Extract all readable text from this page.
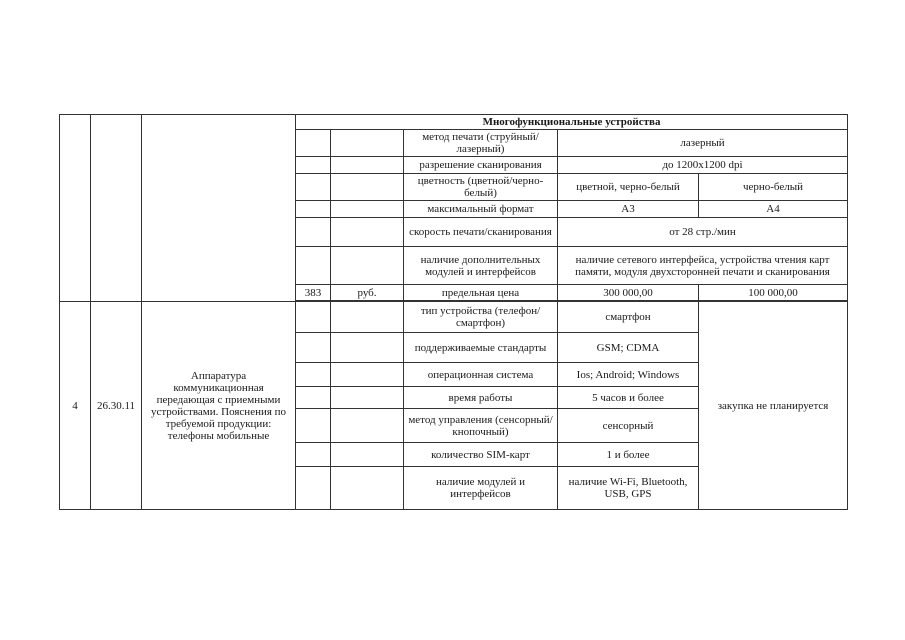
			Многофункциональные устройства				
					метод печати (струйный/лазерный)	лазерный	
					разрешение сканирования	до 1200x1200 dpi	
					цветность (цветной/черно-белый)	цветной, черно-белый	черно-белый
					максимальный формат	А3	А4
					скорость печати/сканирования	от 28 стр./мин	
					наличие дополнительных модулей и интерфейсов	наличие сетевого интерфейса, устройства чтения карт памяти, модуля двухсторонней печати и сканирования	
			383	руб.	предельная цена	300 000,00	100 000,00

4	26.30.11	Аппаратура коммуникационная передающая с приемными устройствами. Пояснения по требуемой продукции: телефоны мобильные			тип устройства (телефон/смартфон)	смартфон	закупка не планируется
					поддерживаемые стандарты	GSM; CDMA	
					операционная система	Ios; Android; Windows	
					время работы	5 часов и более	
					метод управления (сенсорный/кнопочный)	сенсорный	
					количество SIM-карт	1 и более	
					наличие модулей и интерфейсов	наличие Wi-Fi, Bluetooth, USB, GPS	
